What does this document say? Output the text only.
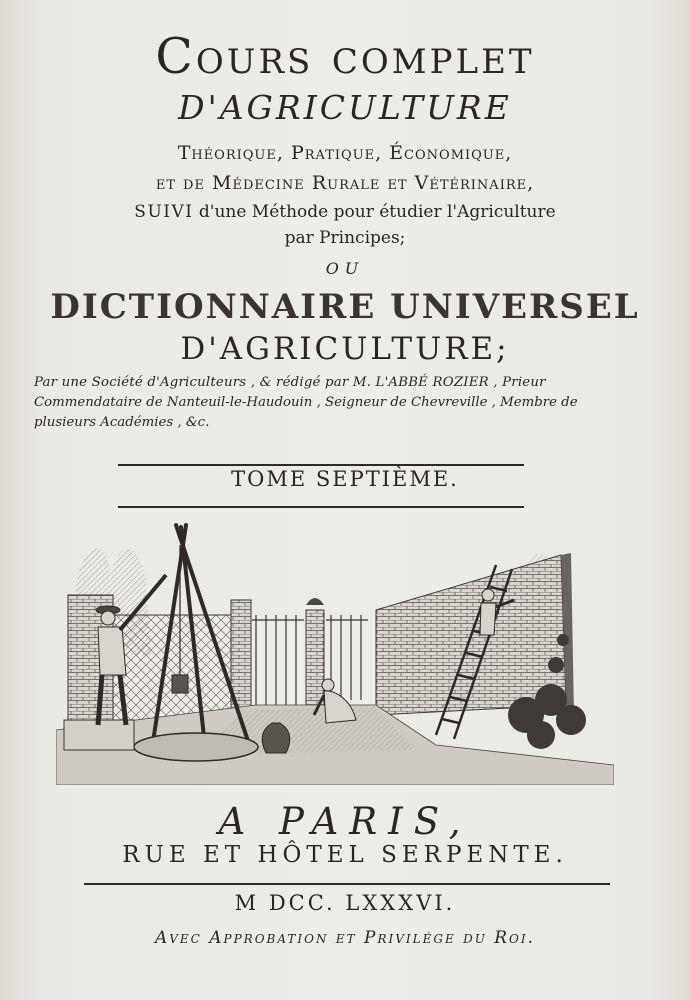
Cours complet
D'AGRICULTURE
Théorique, Pratique, Économique,
et de Médecine Rurale et Vétérinaire,
SUIVI d'une Méthode pour étudier l'Agriculture
par Principes;
ou
DICTIONNAIRE UNIVERSEL
D'AGRICULTURE;
Par une Société d'Agriculteurs , & rédigé par M. L'ABBÉ ROZIER , Prieur
Commendataire de Nanteuil-le-Haudouin , Seigneur de Chevreville , Membre de
plusieurs Académies , &c.
TOME SEPTIÈME.
A PARIS,
RUE ET HÔTEL SERPENTE.
M DCC. LXXXVI.
Avec Approbation et Privilége du Roi.
